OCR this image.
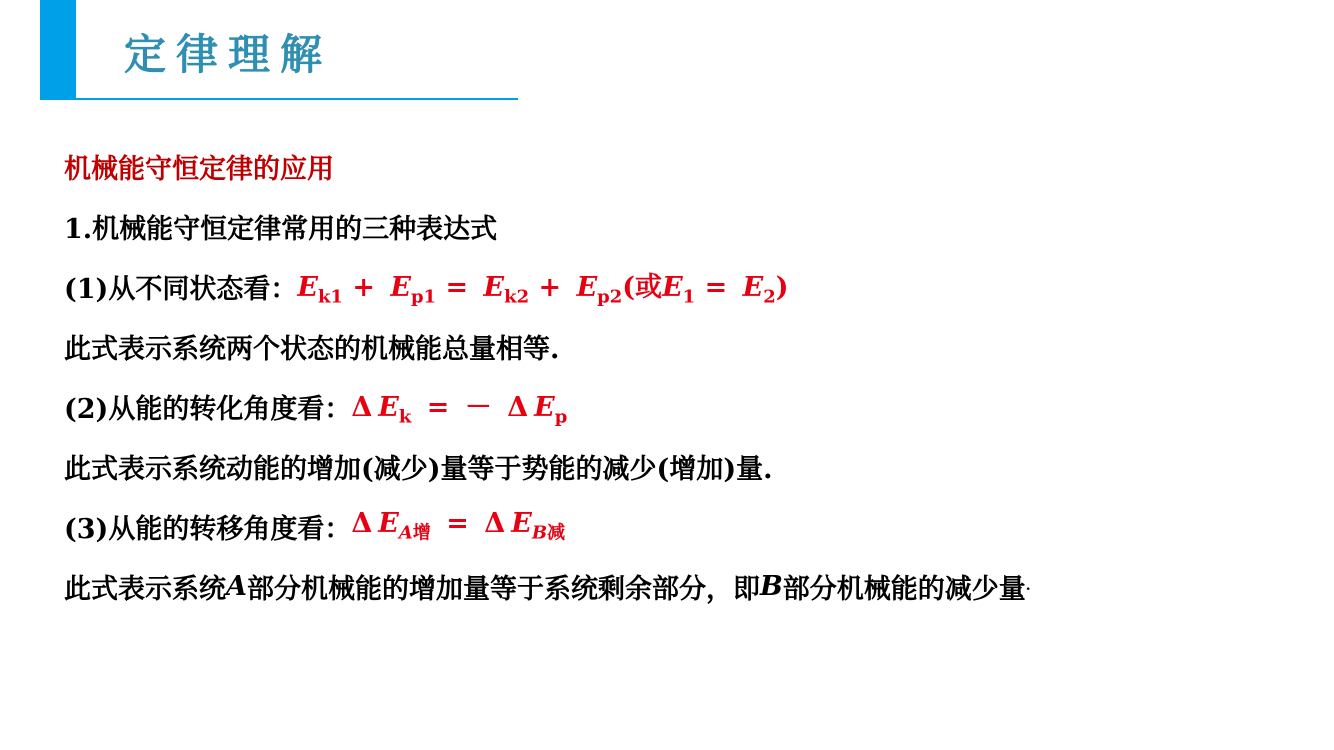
定律理解
机械能守恒定律的应用
1.机械能守恒定律常用的三种表达式
(1)从不同状态看： $E_{k1} + E_{p1} = E_{k2} + E_{p2}$(或$E_1 = E_2$)
此式表示系统两个状态的机械能总量相等.
(2)从能的转化角度看： Δ $E_k$ = － Δ $E_p$
此式表示系统动能的增加(减少)量等于势能的减少(增加)量.
(3)从能的转移角度看： Δ $E_{A增} = \Delta$ $E_{B减}$
此式表示系统 A 部分机械能的增加量等于系统剩余部分，即 B 部分机械能的减少量 .
